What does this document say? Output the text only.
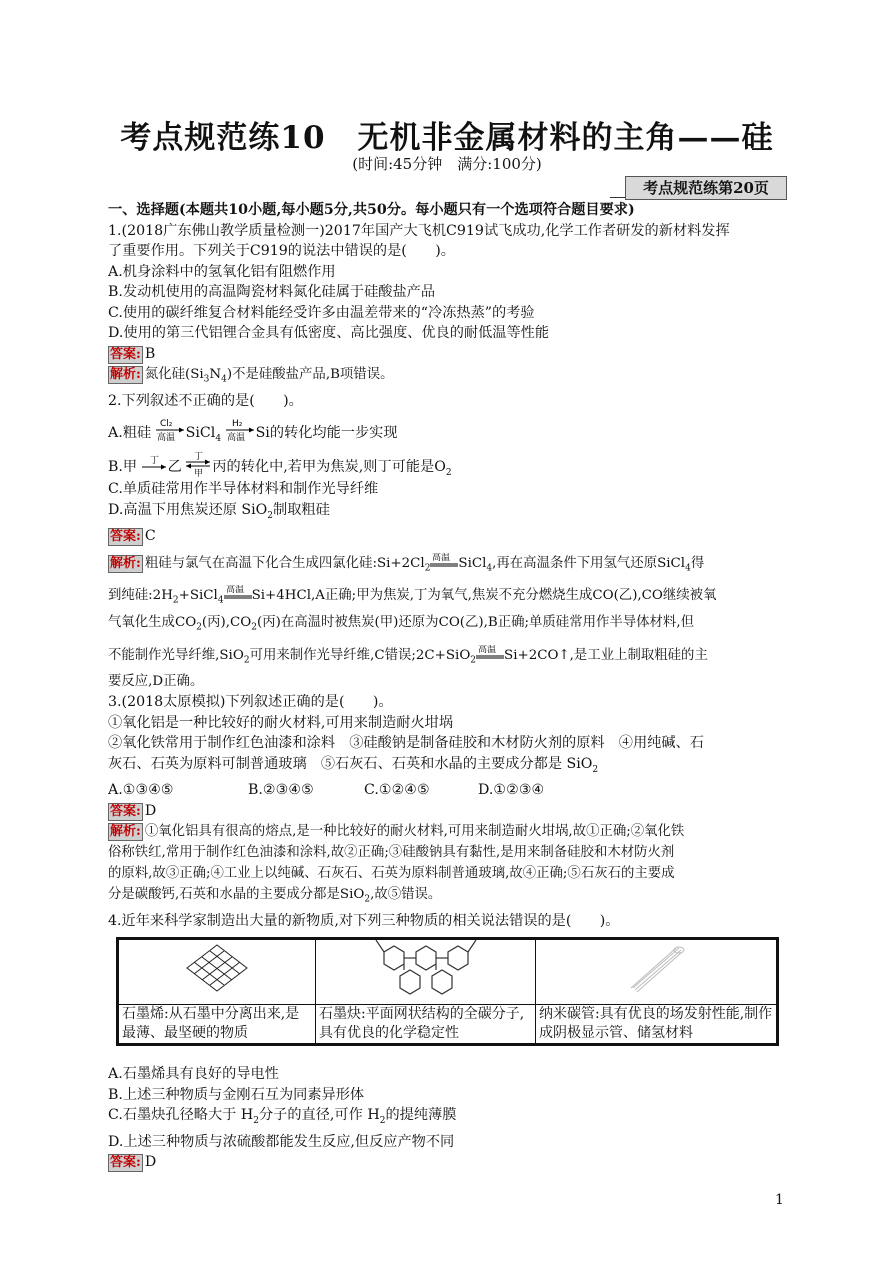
考点规范练10　无机非金属材料的主角——硅
(时间:45分钟　满分:100分)
考点规范练第20页
一、选择题(本题共10小题,每小题5分,共50分。每小题只有一个选项符合题目要求)
1.(2018广东佛山教学质量检测一)2017年国产大飞机C919试飞成功,化学工作者研发的新材料发挥
了重要作用。下列关于C919的说法中错误的是(　　)。
A.机身涂料中的氢氧化铝有阻燃作用
B.发动机使用的高温陶瓷材料氮化硅属于硅酸盐产品
C.使用的碳纤维复合材料能经受许多由温差带来的“冷冻热蒸”的考验
D.使用的第三代铝锂合金具有低密度、高比强度、优良的耐低温等性能
答案: B
解析: 氮化硅$(Si_3N_4)$不是硅酸盐产品,B项错误。
2.下列叙述不正确的是(　　)。
A.粗硅
Cl₂
高温 SiCl$_4$
H₂
高温 Si的转化均能一步实现
B.甲 丁 乙
丁
甲 丙的转化中,若甲为焦炭,则丁可能是$O_2$
C.单质硅常用作半导体材料和制作光导纤维
D.高温下用焦炭还原 SiO$_2$制取粗硅
答案: C
解析: 粗硅与氯气在高温下化合生成四氯化硅$:Si+2Cl_2$
高温 SiCl$_4$,再在高温条件下用氢气还原SiCl$_4$得
到纯硅$:2H_2+SiCl_4$
高温 Si+4HCl,A正确;甲为焦炭,丁为氧气,焦炭不充分燃烧生成CO(乙),CO继续被氧
气氧化生成$CO_2$(丙)$,CO_2$(丙)在高温时被焦炭(甲)还原为CO(乙),B正确;单质硅常用作半导体材料,但
不能制作光导纤维,SiO$_2$可用来制作光导纤维,C错误;2C+SiO$_2$
高温 Si+2CO↑,是工业上制取粗硅的主
要反应,D正确。
3.(2018太原模拟)下列叙述正确的是(　　)。
①氧化铝是一种比较好的耐火材料,可用来制造耐火坩埚
②氧化铁常用于制作红色油漆和涂料　③硅酸钠是制备硅胶和木材防火剂的原料　④用纯碱、石
灰石、石英为原料可制普通玻璃　⑤石灰石、石英和水晶的主要成分都是 SiO$_2$
A.①③④⑤	B.②③④⑤	C.①②④⑤	D.①②③④
答案: D
解析: ①氧化铝具有很高的熔点,是一种比较好的耐火材料,可用来制造耐火坩埚,故①正确;②氧化铁
俗称铁红,常用于制作红色油漆和涂料,故②正确;③硅酸钠具有黏性,是用来制备硅胶和木材防火剂
的原料,故③正确;④工业上以纯碱、石灰石、石英为原料制普通玻璃,故④正确;⑤石灰石的主要成
分是碳酸钙,石英和水晶的主要成分都是SiO$_2$,故⑤错误。
4.近年来科学家制造出大量的新物质,对下列三种物质的相关说法错误的是(　　)。

石墨烯:从石墨中分离出来,是最薄、最坚硬的物质	石墨炔:平面网状结构的全碳分子,具有优良的化学稳定性	纳米碳管:具有优良的场发射性能,制作成阴极显示管、储氢材料
A.石墨烯具有良好的导电性
B.上述三种物质与金刚石互为同素异形体
C.石墨炔孔径略大于 $H_2$分子的直径,可作 $H_2$的提纯薄膜
D.上述三种物质与浓硫酸都能发生反应,但反应产物不同
答案: D
1
